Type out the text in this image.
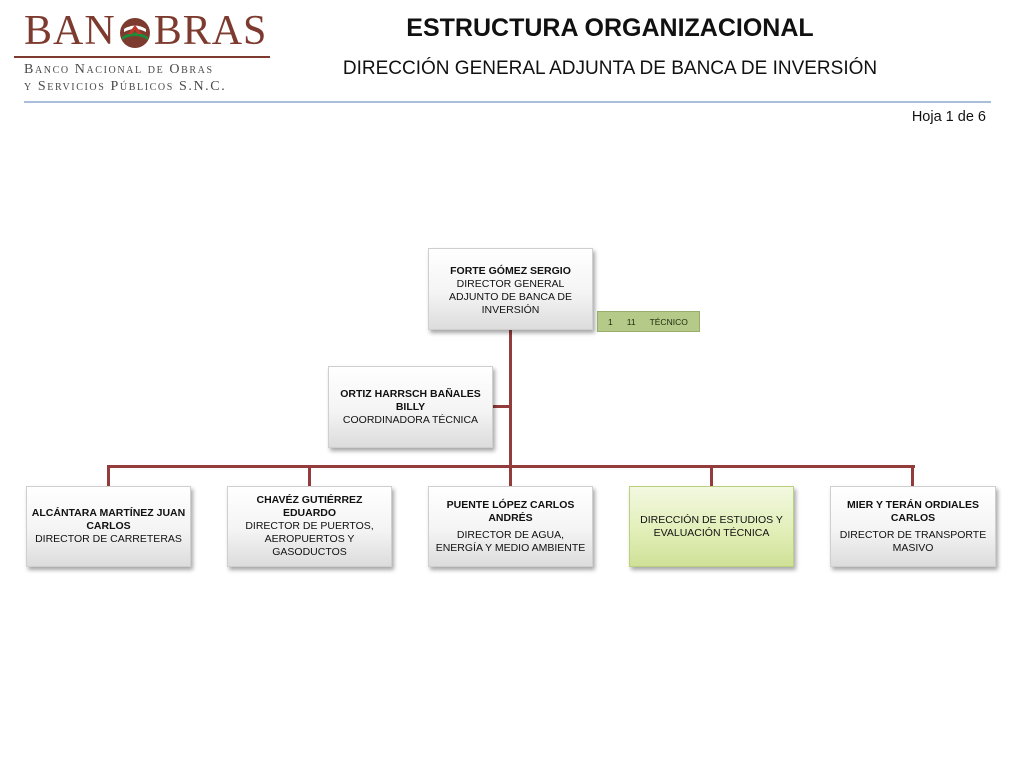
BAN BRAS
Banco Nacional de Obras
y Servicios Públicos S.N.C.
ESTRUCTURA ORGANIZACIONAL
DIRECCIÓN GENERAL ADJUNTA DE BANCA DE INVERSIÓN
Hoja 1 de 6
FORTE GÓMEZ SERGIO
DIRECTOR GENERAL ADJUNTO DE BANCA DE INVERSIÓN
1 11 TÉCNICO
ORTIZ HARRSCH BAÑALES BILLY
COORDINADORA TÉCNICA
ALCÁNTARA MARTÍNEZ JUAN CARLOS
DIRECTOR DE CARRETERAS
CHAVÉZ GUTIÉRREZ EDUARDO
DIRECTOR DE PUERTOS, AEROPUERTOS Y GASODUCTOS
PUENTE LÓPEZ CARLOS ANDRÉS
DIRECTOR DE AGUA, ENERGÍA Y MEDIO AMBIENTE
DIRECCIÓN DE ESTUDIOS Y EVALUACIÓN TÉCNICA
MIER Y TERÁN ORDIALES CARLOS
DIRECTOR DE TRANSPORTE MASIVO
